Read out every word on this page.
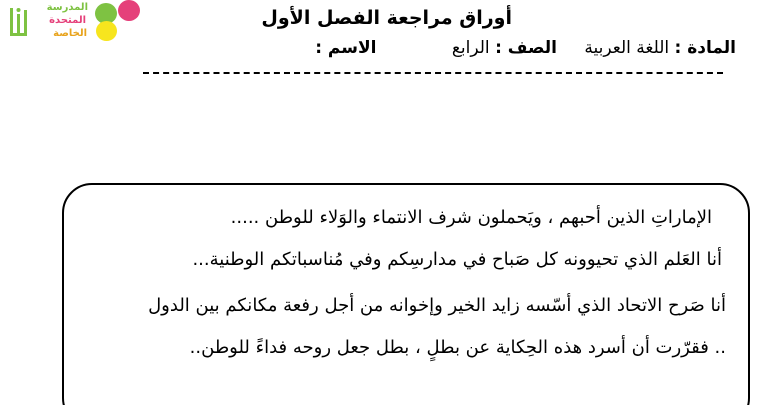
المدرسة
المتحدة
الخاصة
أوراق مراجعة الفصل الأول
المادة : اللغة العربية الصف : الرابع الاسم :

الإماراتِ الذين أحبهم ، ويَحملون شرف الانتماء والوَلاء للوطن .....

أنا العَلم الذي تحيوونه كل صَباح في مدارسِكم وفي مُناسباتكم الوطنية...

أنا صَرح الاتحاد الذي أسّسه زايد الخير وإخوانه من أجل رفعة مكانكم بين الدول

.. فقرّرت أن أسرد هذه الحِكاية عن بطلٍ ، بطل جعل روحه فداءً للوطن..
